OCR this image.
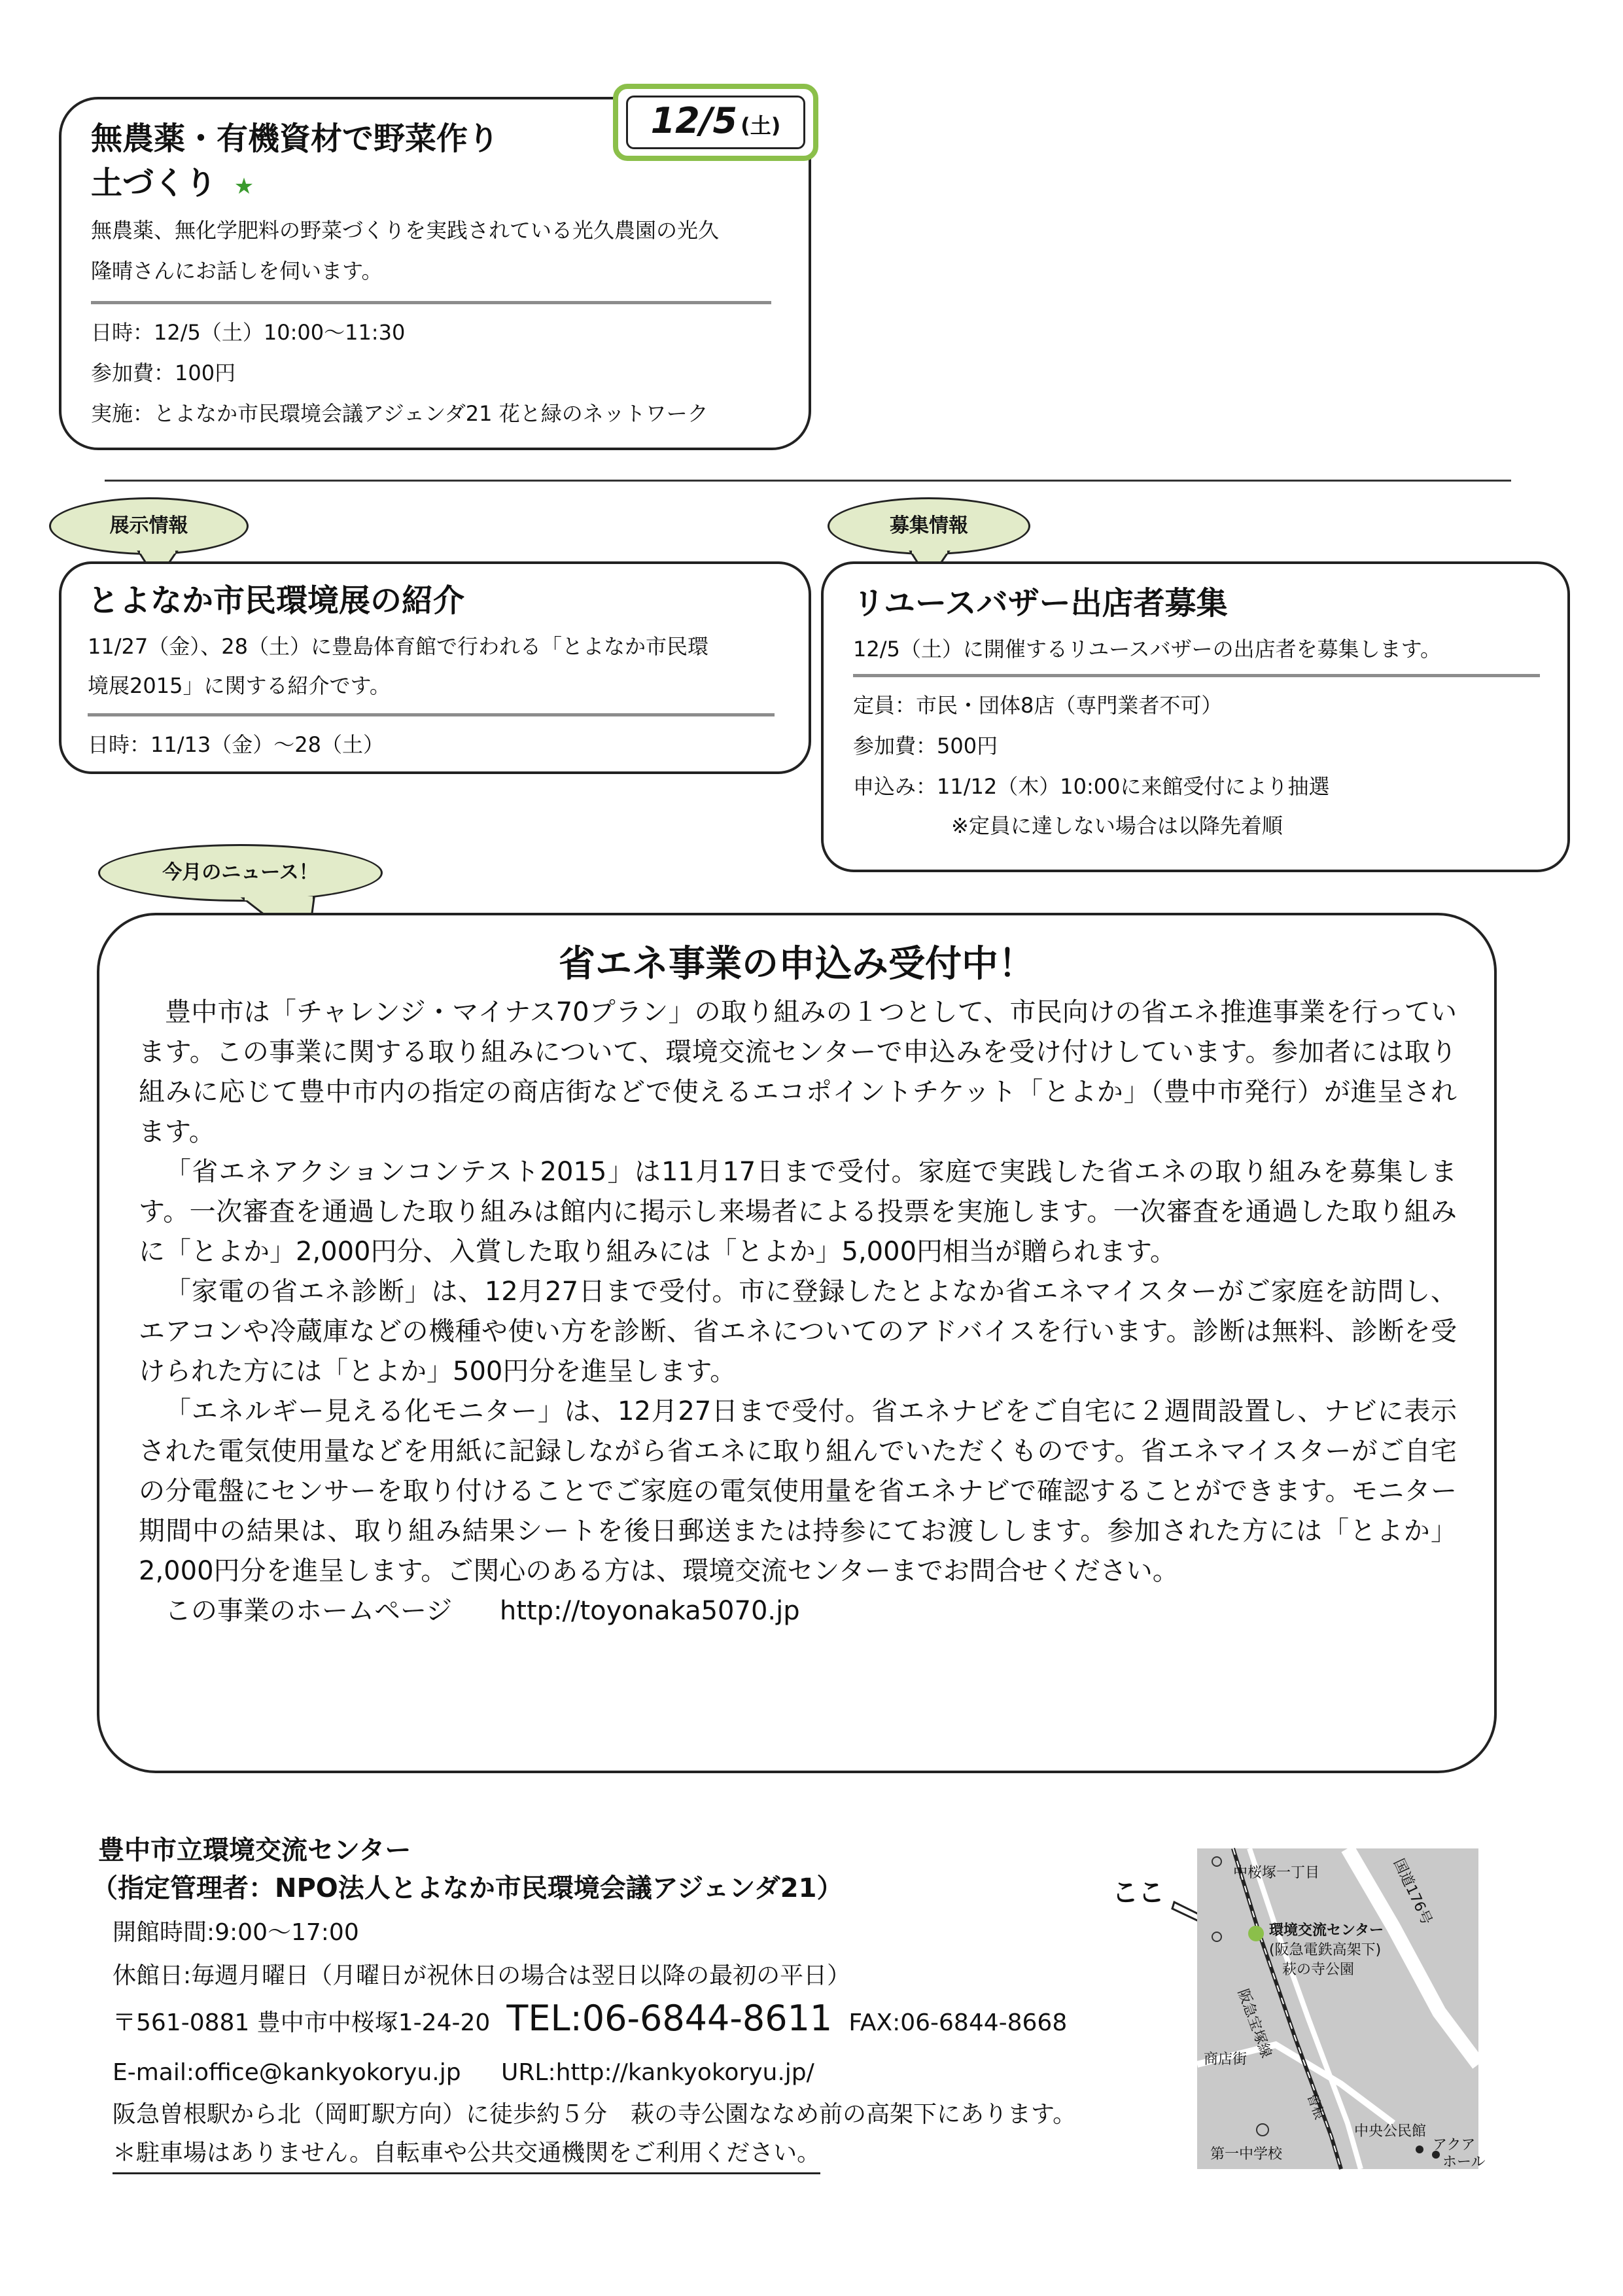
無農薬・有機資材で野菜作り
土づくり ★
無農薬、無化学肥料の野菜づくりを実践されている光久農園の光久
隆晴さんにお話しを伺います。
日時：12/5（土）10:00～11:30
参加費：100円
実施：とよなか市民環境会議アジェンダ21 花と緑のネットワーク
12/5 (土)
展示情報
とよなか市民環境展の紹介
11/27（金）、28（土）に豊島体育館で行われる「とよなか市民環
境展2015」に関する紹介です。
日時：11/13（金）～28（土）
募集情報
リユースバザー出店者募集
12/5（土）に開催するリユースバザーの出店者を募集します。
定員：市民・団体8店（専門業者不可）
参加費：500円
申込み：11/12（木）10:00に来館受付により抽選
※定員に達しない場合は以降先着順
今月のニュース！
省エネ事業の申込み受付中！

豊中市は「チャレンジ・マイナス70プラン」の取り組みの１つとして、市民向けの省エネ推進事業を行っています。この事業に関する取り組みについて、環境交流センターで申込みを受け付けしています。参加者には取り組みに応じて豊中市内の指定の商店街などで使えるエコポイントチケット「とよか」（豊中市発行）が進呈されます。

「省エネアクションコンテスト2015」は11月17日まで受付。家庭で実践した省エネの取り組みを募集します。一次審査を通過した取り組みは館内に掲示し来場者による投票を実施します。一次審査を通過した取り組みに「とよか」2,000円分、入賞した取り組みには「とよか」5,000円相当が贈られます。

「家電の省エネ診断」は、12月27日まで受付。市に登録したとよなか省エネマイスターがご家庭を訪問し、エアコンや冷蔵庫などの機種や使い方を診断、省エネについてのアドバイスを行います。診断は無料、診断を受けられた方には「とよか」500円分を進呈します。

「エネルギー見える化モニター」は、12月27日まで受付。省エネナビをご自宅に２週間設置し、ナビに表示された電気使用量などを用紙に記録しながら省エネに取り組んでいただくものです。省エネマイスターがご自宅の分電盤にセンサーを取り付けることでご家庭の電気使用量を省エネナビで確認することができます。モニター期間中の結果は、取り組み結果シートを後日郵送または持参にてお渡しします。参加された方には「とよか」2,000円分を進呈します。ご関心のある方は、環境交流センターまでお問合せください。

この事業のホームページ http://toyonaka5070.jp

豊中市立環境交流センター
（指定管理者：NPO法人とよなか市民環境会議アジェンダ21）
開館時間:9:00～17:00
休館日:毎週月曜日（月曜日が祝休日の場合は翌日以降の最初の平日）
〒561-0881 豊中市中桜塚1-24-20 TEL:06-6844-8611 FAX:06-6844-8668
E-mail:office@kankyokoryu.jp URL:http://kankyokoryu.jp/
阪急曽根駅から北（岡町駅方向）に徒歩約５分　萩の寺公園ななめ前の高架下にあります。
＊駐車場はありません。自転車や公共交通機関をご利用ください。
ここ
中桜塚一丁目	国道176号
環境交流センター
(阪急電鉄高架下)
萩の寺公園
阪急宝塚線
商店街
曽根
第一中学校
中央公民館
アクア
ホール
